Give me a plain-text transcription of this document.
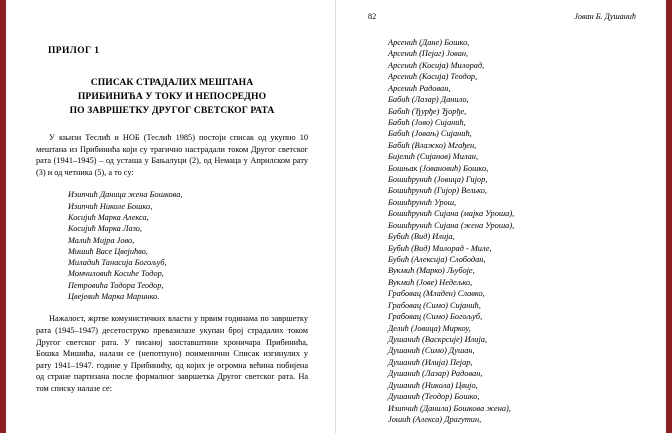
ПРИЛОГ 1
СПИСАК СТРАДАЛИХ МЕШТАНА
ПРИБИНИЋА У ТОКУ И НЕПОСРЕДНО
ПО ЗАВРШЕТКУ ДРУГОГ СВЕТСКОГ РАТА
У књизи Теслић и НОБ (Теслић 1985) постоји списак од укупно 10 мештана из Прибинића који су трагично настрадали током Другог светског рата (1941–1945) – од усташа у Бањалуци (2), од Немаца у Априлском рату (3) и од четника (5), а то су:
Изипчић Даница жена Бошкова,
Изипчић Николе Бошко,
Косијић Марка Алекса,
Косијић Марка Лазо,
Малић Мијра Јово,
Мишић Васе Цвејићво,
Миладић Танасија Богољуб,
Момчиловић Косиће Тодор,
Петровића Тодора Теодор,
Цвејевић Марка Маринко.
Нажалост, жртве комунистичких власти у првим годинама по завршетку рата (1945–1947) десетоструко превазилазе укупан број страдалих током Другог светског рата. У писаној заоставштини хроничара Прибинића, Бошка Мишића, налази се (непотпуно) поименични Списак изгинулих у рату 1941–1947. године у Прибинићу, од којих је огромна већина побијена од стране партизана после формалног завршетка Другог светског рата. На том списку налазе се:
82	Јован Б. Душанић
Арсенић (Дане) Бошко,
Арсенић (Пејаг) Јован,
Арсенић (Косијa) Милорад,
Арсенић (Косијa) Теодор,
Арсенић Радован,
Бабић (Лазар) Данило,
Бабић (Ђурђе) Ђорђе,
Бабић (Јово) Сијанић,
Бабић (Јовањ) Сијанић,
Бабић (Влажко) Мгађен,
Биjелић (Сијанов) Милан,
Бошњак (Јовановић) Бошко,
Бошићрунић (Јовица) Гијор,
Бошићрунић (Гиjор) Велько,
Бошићрунић Урош,
Бошићрунић Сијана (мајка Урошa),
Бошићрунић Сијана (жена Урошa),
Бубић (Вид) Илија,
Бубић (Вид) Милорад - Миле,
Бубић (Алексија) Слободан,
Вукмић (Марко) Љубоје,
Вукмић (Јове) Недељко,
Грабовац (Младен) Славко,
Грабовац (Симо) Сијанић,
Грабовац (Симо) Богољуб,
Делић (Јовица) Миркоу,
Душанић (Васкрсије) Илија,
Душанић (Симо) Душан,
Душанић (Илија) Пеjар,
Душанић (Лазар) Радован,
Душанић (Никола) Цвијо,
Душанић (Теодор) Бошко,
Изипчић (Данила) Бошкова жена),
Јошић (Алекса) Драгутин,
